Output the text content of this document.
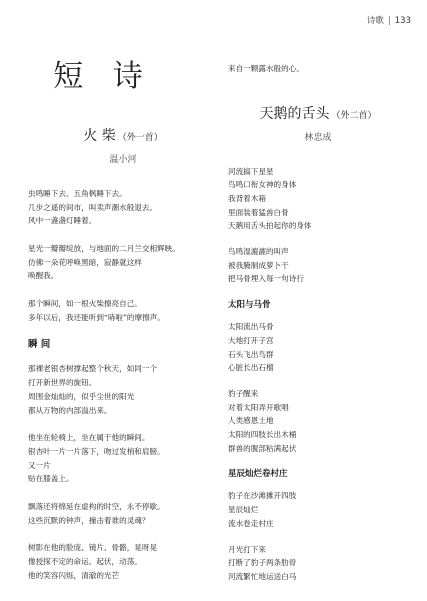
诗歌 | 133
短 诗
火 柴 （外一首）
温小河
虫鸣睡下去。五角枫睡下去。
几步之遥的间市，叫卖声潮水般退去。
风中一盏盏灯睡着。
星光一瓣瓣绽放，与地面的二月兰交相辉映。
仿佛一朵花呼唤黑暗，寂静就这样
唤醒我。
那个瞬间，如一根火柴擦亮自己。
多年以后，我还能听到“哧啦”的摩擦声。
瞬 间
那裸老银杏树撑起整个秋天，如同一个
打开新世界的旋钮。
周围金灿灿的，似乎尘世的阳光
都从万物的内部溢出来。
他坐在轮椅上，坐在属于他的瞬间。
银杏叶一片一片落下，吻过发梢和肩膀。
又一片
贴在膝盖上。
飘落还将绵延在虚构的时空，永不停歇。
这些沉默的钟声，撞击着谁的灵魂？
树影在他的脸庞、镜片、骨骼，晃呀晃
像授探不定的命运。起伏，动荡。
他的笑容闪烁，清澈的光芒
来自一颗露水般的心。
天鹅的舌头 （外二首）
林忠成
河流搞下星星
鸟鸣口衔女神的身体
我背着木箱
里面装着猛兽白骨
天鹅用舌头拍起你的身体
鸟鸣湿漉漉的叫声
被我腌制成萝卜干
把马骨埋入每一句诗行
太阳与马骨
太阳流出马骨
大地打开子宫
石头飞出鸟群
心脏长出石榴
豹子醒来
对着太阳弄开歌唱
人类感恩土地
太阳的四肢长出木桶
群兽的腹部粘满起伏
星辰灿烂卷村庄
豹子在沙滩摊开四肢
星辰灿烂
流水卷走村庄
月光打下来
打断了豹子两条肋骨
河流繁忙地运送白马
